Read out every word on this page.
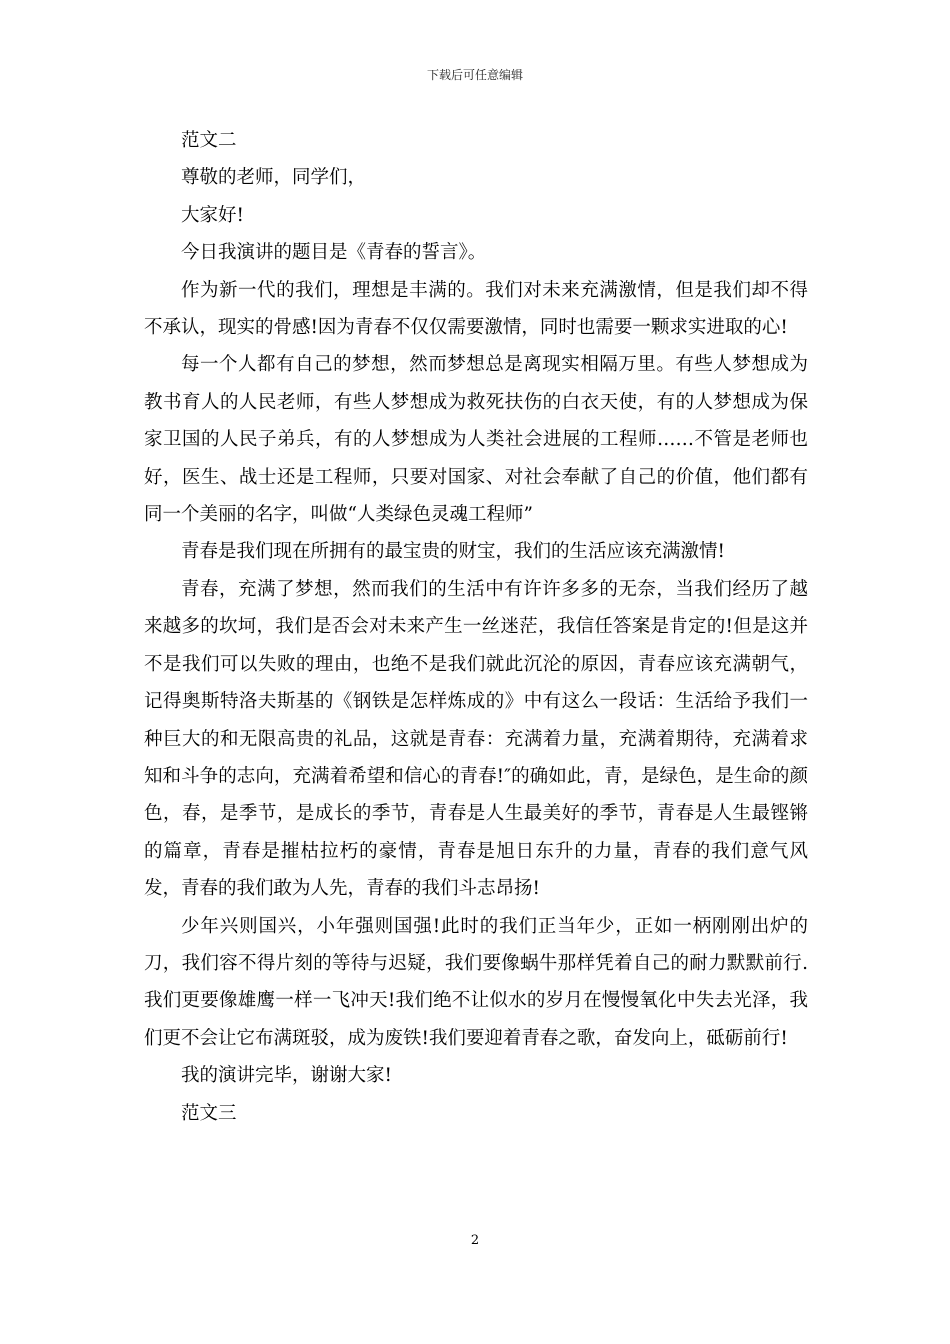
下载后可任意编辑

范文二

尊敬的老师，同学们，

大家好!

今日我演讲的题目是《青春的誓言》。

作为新一代的我们，理想是丰满的。我们对未来充满激情，但是我们却不得不承认，现实的骨感!因为青春不仅仅需要激情，同时也需要一颗求实进取的心!

每一个人都有自己的梦想，然而梦想总是离现实相隔万里。有些人梦想成为教书育人的人民老师，有些人梦想成为救死扶伤的白衣天使，有的人梦想成为保家卫国的人民子弟兵，有的人梦想成为人类社会进展的工程师……不管是老师也好，医生、战士还是工程师，只要对国家、对社会奉献了自己的价值，他们都有同一个美丽的名字，叫做“人类绿色灵魂工程师”

青春是我们现在所拥有的最宝贵的财宝，我们的生活应该充满激情!

青春，充满了梦想，然而我们的生活中有许许多多的无奈，当我们经历了越来越多的坎坷，我们是否会对未来产生一丝迷茫，我信任答案是肯定的!但是这并不是我们可以失败的理由，也绝不是我们就此沉沦的原因，青春应该充满朝气，记得奥斯特洛夫斯基的《钢铁是怎样炼成的》中有这么一段话：生活给予我们一种巨大的和无限高贵的礼品，这就是青春：充满着力量，充满着期待，充满着求知和斗争的志向，充满着希望和信心的青春!″的确如此，青，是绿色，是生命的颜色，春，是季节，是成长的季节，青春是人生最美好的季节，青春是人生最铿锵的篇章，青春是摧枯拉朽的豪情，青春是旭日东升的力量，青春的我们意气风发，青春的我们敢为人先，青春的我们斗志昂扬!

少年兴则国兴，小年强则国强!此时的我们正当年少，正如一柄刚刚出炉的刀，我们容不得片刻的等待与迟疑，我们要像蜗牛那样凭着自己的耐力默默前行.我们更要像雄鹰一样一飞冲天!我们绝不让似水的岁月在慢慢氧化中失去光泽，我们更不会让它布满斑驳，成为废铁!我们要迎着青春之歌，奋发向上，砥砺前行!

我的演讲完毕，谢谢大家!

范文三

2
